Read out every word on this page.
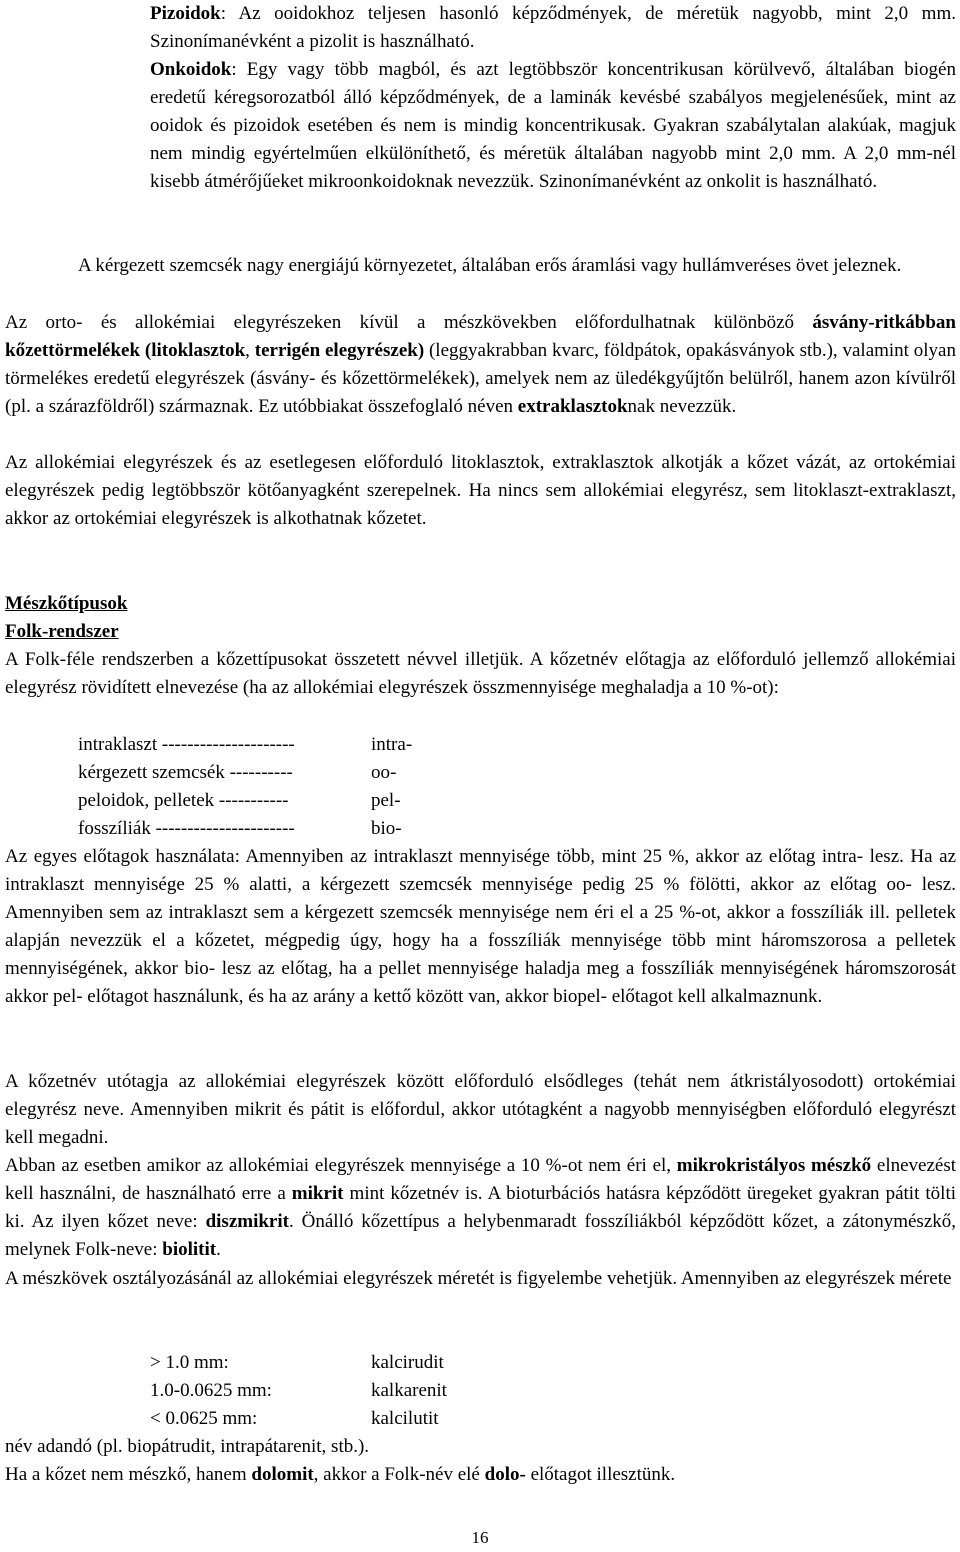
Pizoidok: Az ooidokhoz teljesen hasonló képződmények, de méretük nagyobb, mint 2,0 mm. Szinonímanévként a pizolit is használható.

Onkoidok: Egy vagy több magból, és azt legtöbbször koncentrikusan körülvevő, általában biogén eredetű kéregsorozatból álló képződmények, de a laminák kevésbé szabályos megjelenésűek, mint az ooidok és pizoidok esetében és nem is mindig koncentrikusak. Gyakran szabálytalan alakúak, magjuk nem mindig egyértelműen elkülöníthető, és méretük általában nagyobb mint 2,0 mm. A 2,0 mm-nél kisebb átmérőjűeket mikroonkoidoknak nevezzük. Szinonímanévként az onkolit is használható.

A kérgezett szemcsék nagy energiájú környezetet, általában erős áramlási vagy hullámveréses övet jeleznek.

Az orto- és allokémiai elegyrészeken kívül a mészkövekben előfordulhatnak különböző ásvány-ritkábban kőzettörmelékek (litoklasztok, terrigén elegyrészek) (leggyakrabban kvarc, földpátok, opakásványok stb.), valamint olyan törmelékes eredetű elegyrészek (ásvány- és kőzettörmelékek), amelyek nem az üledékgyűjtőn belülről, hanem azon kívülről (pl. a szárazföldről) származnak. Ez utóbbiakat összefoglaló néven extraklasztoknak nevezzük.

Az allokémiai elegyrészek és az esetlegesen előforduló litoklasztok, extraklasztok alkotják a kőzet vázát, az ortokémiai elegyrészek pedig legtöbbször kötőanyagként szerepelnek. Ha nincs sem allokémiai elegyrész, sem litoklaszt-extraklaszt, akkor az ortokémiai elegyrészek is alkothatnak kőzetet.

Mészkőtípusok

Folk-rendszer

A Folk-féle rendszerben a kőzettípusokat összetett névvel illetjük. A kőzetnév előtagja az előforduló jellemző allokémiai elegyrész rövidített elnevezése (ha az allokémiai elegyrészek összmennyisége meghaladja a 10 %-ot):

intraklaszt ---------------------	intra-
kérgezett szemcsék ----------	oo-
peloidok, pelletek -----------	pel-
fosszíliák ----------------------	bio-

Az egyes előtagok használata: Amennyiben az intraklaszt mennyisége több, mint 25 %, akkor az előtag intra- lesz. Ha az intraklaszt mennyisége 25 % alatti, a kérgezett szemcsék mennyisége pedig 25 % fölötti, akkor az előtag oo- lesz. Amennyiben sem az intraklaszt sem a kérgezett szemcsék mennyisége nem éri el a 25 %-ot, akkor a fosszíliák ill. pelletek alapján nevezzük el a kőzetet, mégpedig úgy, hogy ha a fosszíliák mennyisége több mint háromszorosa a pelletek mennyiségének, akkor bio- lesz az előtag, ha a pellet mennyisége haladja meg a fosszíliák mennyiségének háromszorosát akkor pel- előtagot használunk, és ha az arány a kettő között van, akkor biopel- előtagot kell alkalmaznunk.

A kőzetnév utótagja az allokémiai elegyrészek között előforduló elsődleges (tehát nem átkristályosodott) ortokémiai elegyrész neve. Amennyiben mikrit és pátit is előfordul, akkor utótagként a nagyobb mennyiségben előforduló elegyrészt kell megadni.

Abban az esetben amikor az allokémiai elegyrészek mennyisége a 10 %-ot nem éri el, mikrokristályos mészkő elnevezést kell használni, de használható erre a mikrit mint kőzetnév is. A bioturbációs hatásra képződött üregeket gyakran pátit tölti ki. Az ilyen kőzet neve: diszmikrit. Önálló kőzettípus a helybenmaradt fosszíliákból képződött kőzet, a zátonymészkő, melynek Folk-neve: biolitit.

A mészkövek osztályozásánál az allokémiai elegyrészek méretét is figyelembe vehetjük. Amennyiben az elegyrészek mérete

> 1.0 mm:	kalcirudit
1.0-0.0625 mm:	kalkarenit
< 0.0625 mm:	kalcilutit

név adandó (pl. biopátrudit, intrapátarenit, stb.).

Ha a kőzet nem mészkő, hanem dolomit, akkor a Folk-név elé dolo- előtagot illesztünk.

16
